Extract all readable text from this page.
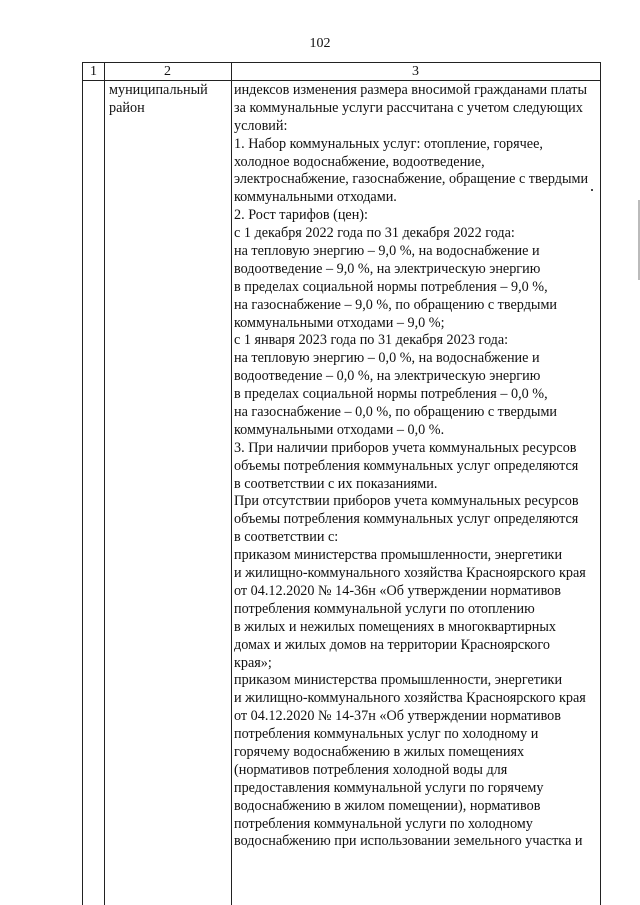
102
1	2	3
муниципальный
район
индексов изменения размера вносимой гражданами платы
за коммунальные услуги рассчитана с учетом следующих
условий:
1. Набор коммунальных услуг: отопление, горячее,
холодное водоснабжение, водоотведение,
электроснабжение, газоснабжение, обращение с твердыми
коммунальными отходами.
2. Рост тарифов (цен):
с 1 декабря 2022 года по 31 декабря 2022 года:
на тепловую энергию – 9,0 %, на водоснабжение и
водоотведение – 9,0 %, на электрическую энергию
в пределах социальной нормы потребления – 9,0 %,
на газоснабжение – 9,0 %, по обращению с твердыми
коммунальными отходами – 9,0 %;
с 1 января 2023 года по 31 декабря 2023 года:
на тепловую энергию – 0,0 %, на водоснабжение и
водоотведение – 0,0 %, на электрическую энергию
в пределах социальной нормы потребления – 0,0 %,
на газоснабжение – 0,0 %, по обращению с твердыми
коммунальными отходами – 0,0 %.
3. При наличии приборов учета коммунальных ресурсов
объемы потребления коммунальных услуг определяются
в соответствии с их показаниями.
При отсутствии приборов учета коммунальных ресурсов
объемы потребления коммунальных услуг определяются
в соответствии с:
приказом министерства промышленности, энергетики
и жилищно-коммунального хозяйства Красноярского края
от 04.12.2020 № 14-36н «Об утверждении нормативов
потребления коммунальной услуги по отоплению
в жилых и нежилых помещениях в многоквартирных
домах и жилых домов на территории Красноярского
края»;
приказом министерства промышленности, энергетики
и жилищно-коммунального хозяйства Красноярского края
от 04.12.2020 № 14-37н «Об утверждении нормативов
потребления коммунальных услуг по холодному и
горячему водоснабжению в жилых помещениях
(нормативов потребления холодной воды для
предоставления коммунальной услуги по горячему
водоснабжению в жилом помещении), нормативов
потребления коммунальной услуги по холодному
водоснабжению при использовании земельного участка и
